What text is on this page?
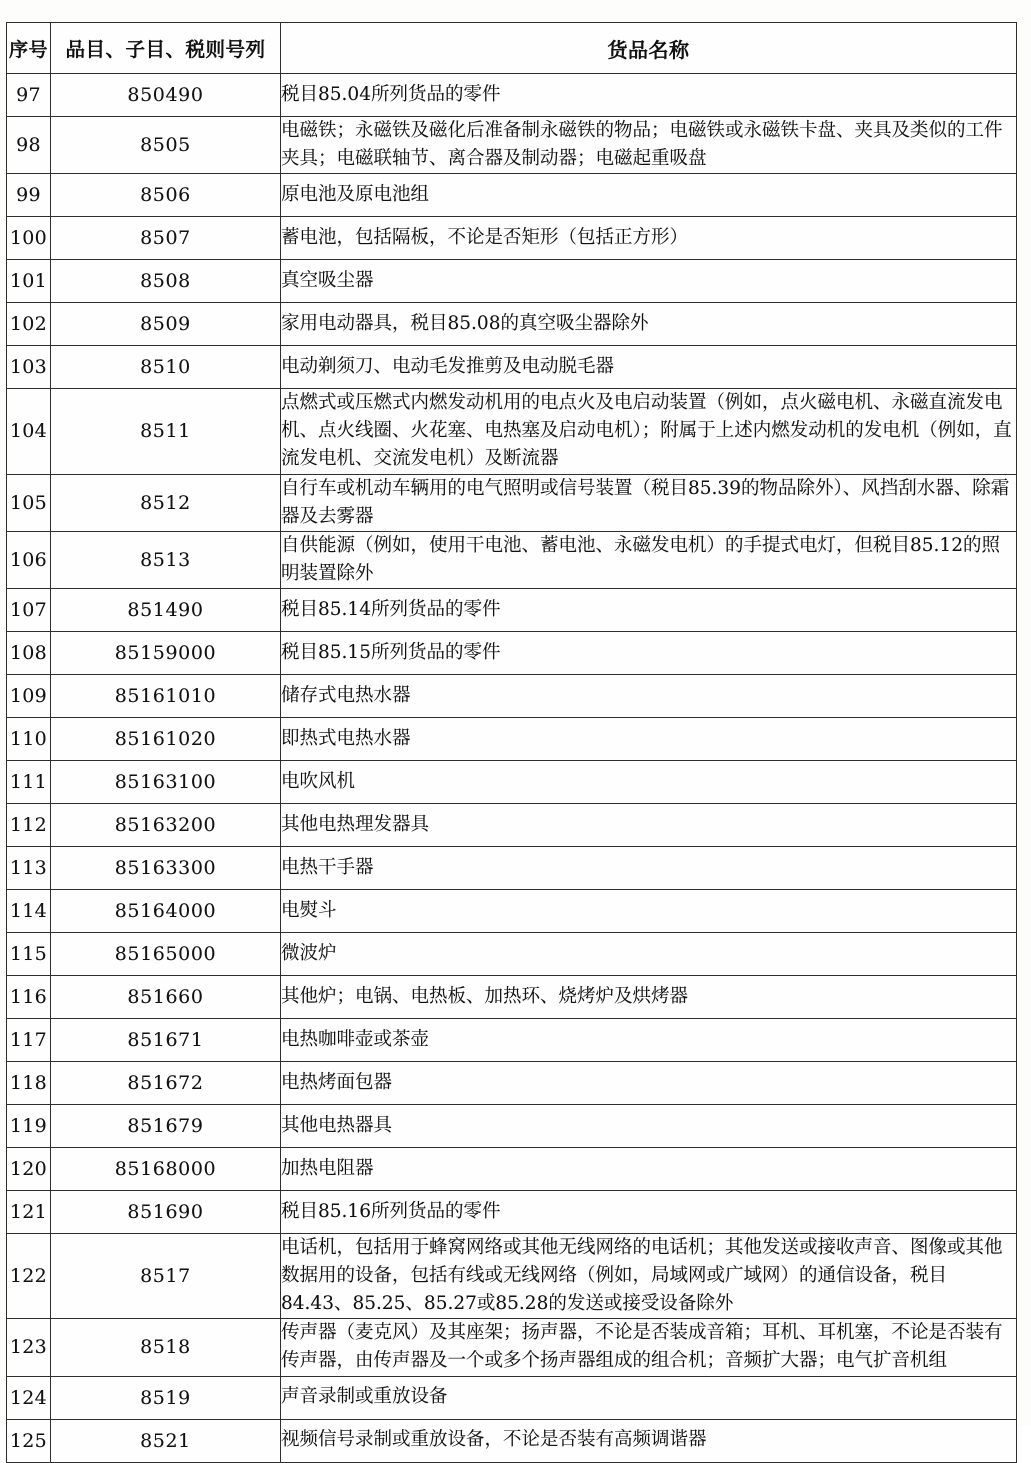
序号	品目、子目、税则号列	货品名称
97	850490	税目85.04所列货品的零件
98	8505	电磁铁；永磁铁及磁化后准备制永磁铁的物品；电磁铁或永磁铁卡盘、夹具及类似的工件夹具；电磁联轴节、离合器及制动器；电磁起重吸盘
99	8506	原电池及原电池组
100	8507	蓄电池，包括隔板，不论是否矩形（包括正方形）
101	8508	真空吸尘器
102	8509	家用电动器具，税目85.08的真空吸尘器除外
103	8510	电动剃须刀、电动毛发推剪及电动脱毛器
104	8511	点燃式或压燃式内燃发动机用的电点火及电启动装置（例如，点火磁电机、永磁直流发电机、点火线圈、火花塞、电热塞及启动电机）；附属于上述内燃发动机的发电机（例如，直流发电机、交流发电机）及断流器
105	8512	自行车或机动车辆用的电气照明或信号装置（税目85.39的物品除外）、风挡刮水器、除霜器及去雾器
106	8513	自供能源（例如，使用干电池、蓄电池、永磁发电机）的手提式电灯，但税目85.12的照明装置除外
107	851490	税目85.14所列货品的零件
108	85159000	税目85.15所列货品的零件
109	85161010	储存式电热水器
110	85161020	即热式电热水器
111	85163100	电吹风机
112	85163200	其他电热理发器具
113	85163300	电热干手器
114	85164000	电熨斗
115	85165000	微波炉
116	851660	其他炉；电锅、电热板、加热环、烧烤炉及烘烤器
117	851671	电热咖啡壶或茶壶
118	851672	电热烤面包器
119	851679	其他电热器具
120	85168000	加热电阻器
121	851690	税目85.16所列货品的零件
122	8517	电话机，包括用于蜂窝网络或其他无线网络的电话机；其他发送或接收声音、图像或其他数据用的设备，包括有线或无线网络（例如，局域网或广域网）的通信设备，税目84.43、85.25、85.27或85.28的发送或接受设备除外
123	8518	传声器（麦克风）及其座架；扬声器，不论是否装成音箱；耳机、耳机塞，不论是否装有传声器，由传声器及一个或多个扬声器组成的组合机；音频扩大器；电气扩音机组
124	8519	声音录制或重放设备
125	8521	视频信号录制或重放设备，不论是否装有高频调谐器
